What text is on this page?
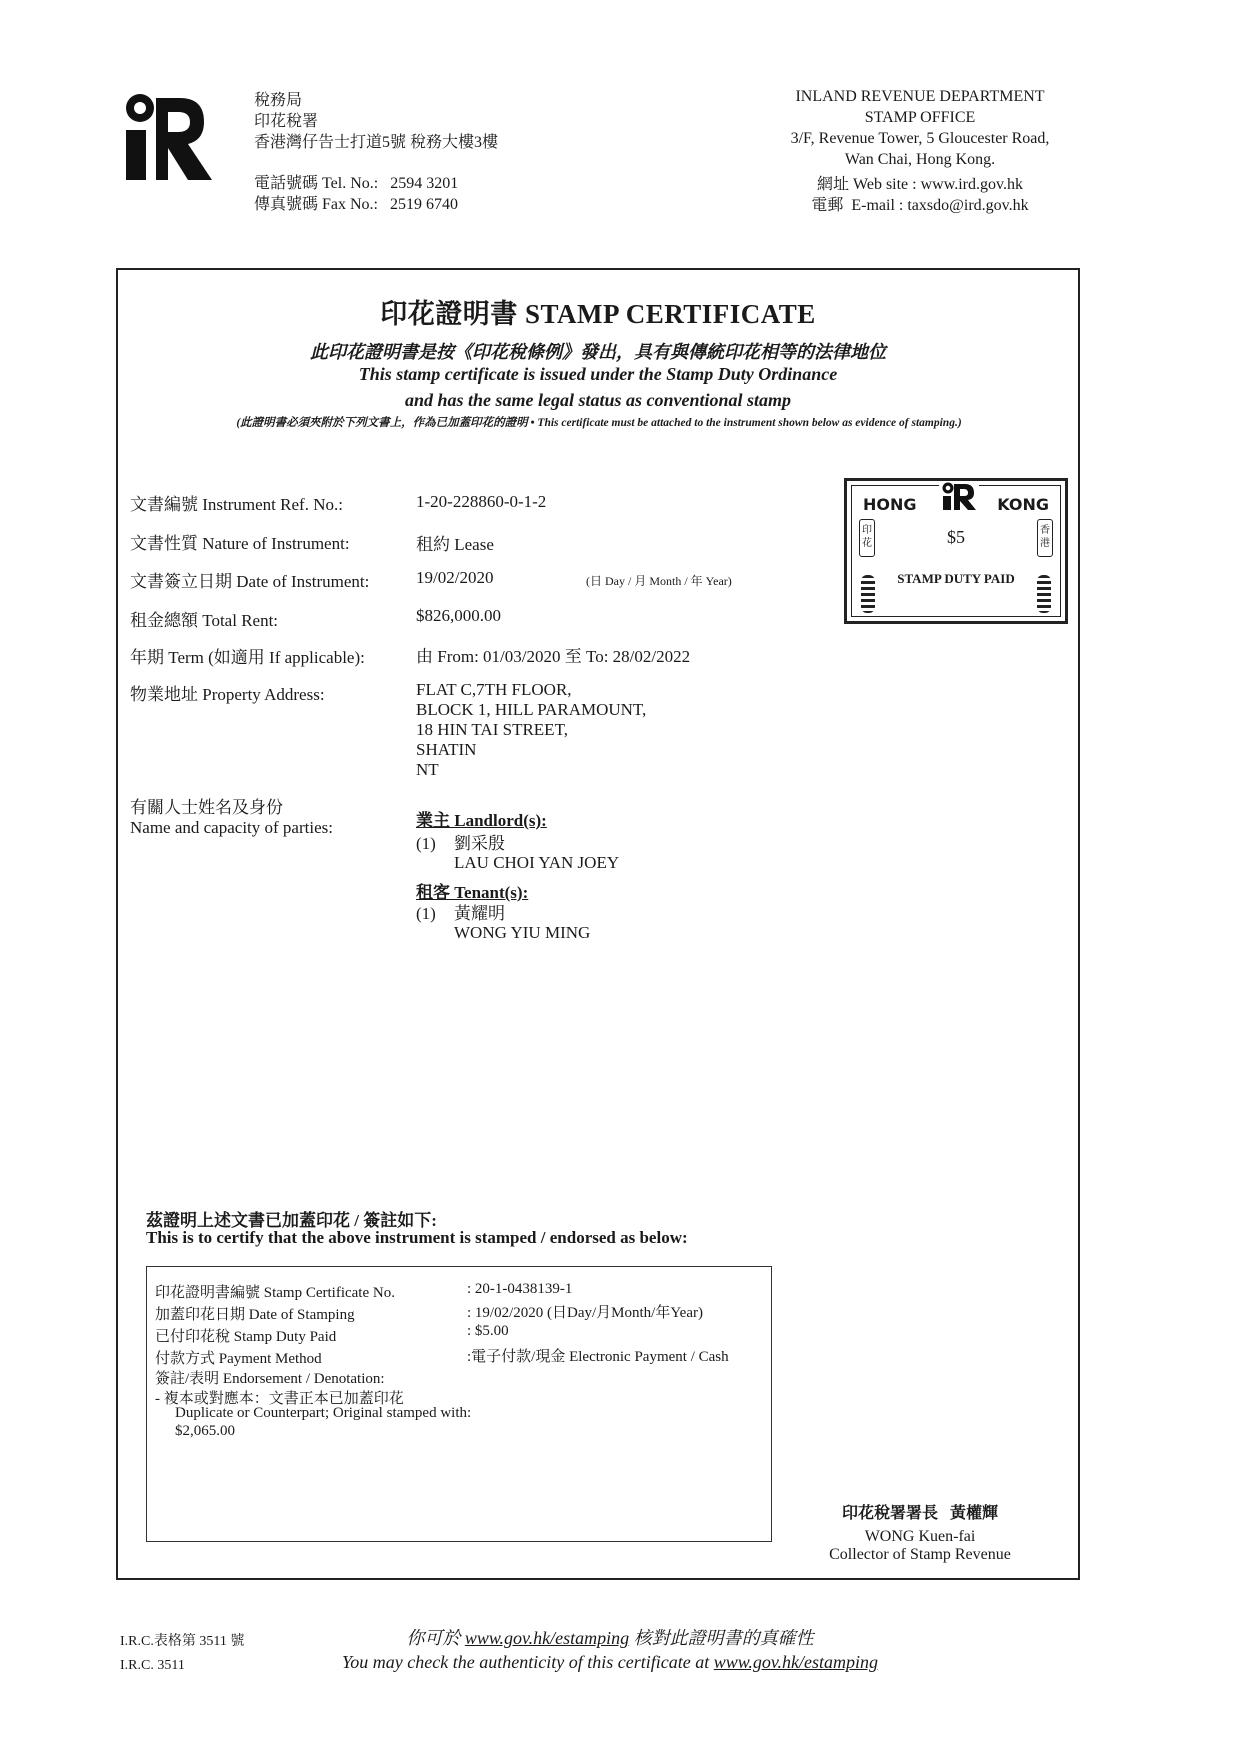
稅務局
印花稅署
香港灣仔告士打道5號 稅務大樓3樓
電話號碼 Tel. No.:   2594 3201
傳真號碼 Fax No.:   2519 6740
INLAND REVENUE DEPARTMENT
STAMP OFFICE
3/F, Revenue Tower, 5 Gloucester Road,
Wan Chai, Hong Kong.
網址 Web site : www.ird.gov.hk
電郵  E-mail : taxsdo@ird.gov.hk
印花證明書 STAMP CERTIFICATE
此印花證明書是按《印花稅條例》發出，具有與傳統印花相等的法律地位
This stamp certificate is issued under the Stamp Duty Ordinance
and has the same legal status as conventional stamp
(此證明書必須夾附於下列文書上，作為已加蓋印花的證明 • This certificate must be attached to the instrument shown below as evidence of stamping.)
文書編號 Instrument Ref. No.:	1-20-228860-0-1-2
文書性質 Nature of Instrument:	租約 Lease
文書簽立日期 Date of Instrument:	19/02/2020	(日 Day / 月 Month / 年 Year)
租金總額 Total Rent:	$826,000.00
年期 Term (如適用 If applicable):	由 From: 01/03/2020 至 To: 28/02/2022
物業地址 Property Address:	FLAT C,7TH FLOOR,
BLOCK 1, HILL PARAMOUNT,
18 HIN TAI STREET,
SHATIN
NT
有關人士姓名及身份
Name and capacity of parties:	業主 Landlord(s):
(1)	劉采殷
LAU CHOI YAN JOEY
租客 Tenant(s):
(1)	黃耀明
WONG YIU MING
HONG	KONG
印花
香港
$5
STAMP DUTY PAID
茲證明上述文書已加蓋印花 / 簽註如下:
This is to certify that the above instrument is stamped / endorsed as below:
印花證明書編號 Stamp Certificate No.	: 20-1-0438139-1
加蓋印花日期 Date of Stamping	: 19/02/2020 (日Day/月Month/年Year)
已付印花稅 Stamp Duty Paid	: $5.00
付款方式 Payment Method	:電子付款/現金 Electronic Payment / Cash
簽註/表明 Endorsement / Denotation:
- 複本或對應本：文書正本已加蓋印花
Duplicate or Counterpart; Original stamped with:
$2,065.00
印花稅署署長   黃權輝
WONG Kuen-fai
Collector of Stamp Revenue
I.R.C.表格第 3511 號
I.R.C. 3511
你可於 www.gov.hk/estamping 核對此證明書的真確性
You may check the authenticity of this certificate at www.gov.hk/estamping
